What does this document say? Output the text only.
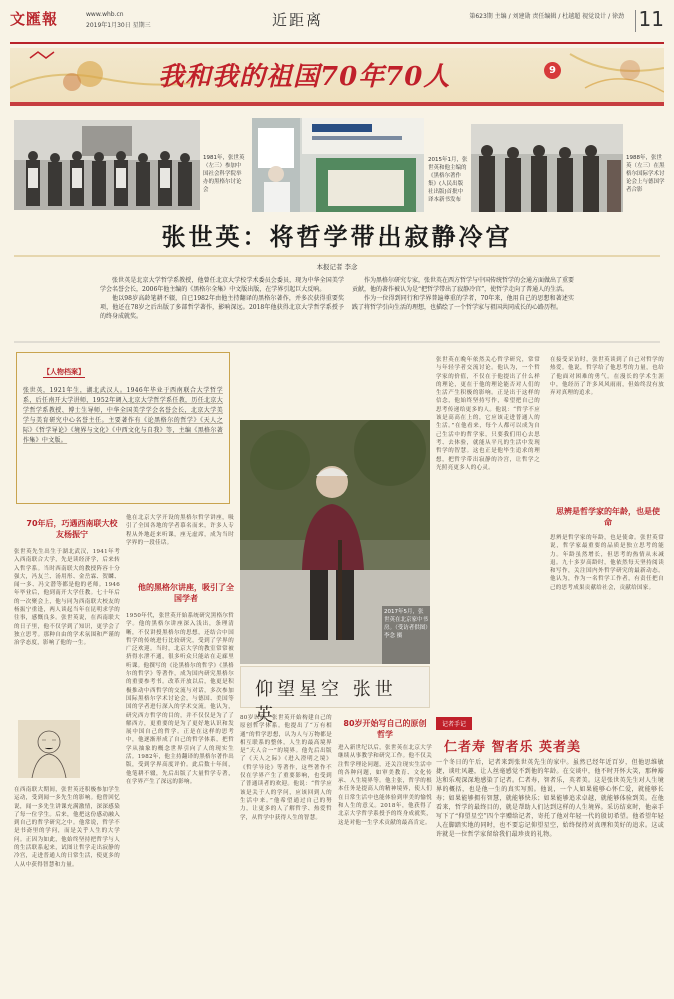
文匯報	www.whb.cn
2019年1月30日 星期三	近距离	第623期 主编 / 刘建勋 责任编辑 / 杜越超 视觉设计 / 徐劲 11
我和我的祖国70年70人	9
1981年，张世英（左三）参加中国社会科学院举办的黑格尔讨论会
2015年1月，张世英和他主编的《黑格尔著作集》(人民出版社出版)首批中译本新书发布
1988年，张世英（左三）在黑格尔国际学术讨论会上与德国学者合影
张世英：将哲学带出寂静冷宫
本报记者 李念

张世英是北京大学哲学系教授，他曾任北京大学校学术委员会委员，现为中华全国美学学会名誉会长，2006年他主编的《黑格尔全集》中文版出版，在学界引起巨大反响。

他以98岁高龄笔耕不辍，自已1982年由他主持翻译的黑格尔著作，并多次获得重要奖项，他还在78岁之后出版了多部哲学著作，影响深远。2018年他获得北京大学哲学系授予的终身成就奖。

作为黑格尔研究专家，张世英在西方哲学与中国传统哲学的会通方面做出了重要贡献，他的著作被认为是“把哲学带出了寂静冷宫”，使哲学走向了普通人的生活。

作为一位得到同行和学界普遍尊重的学者，70年来，他用自己的思想和著述实践了将哲学引向生活的理想，也描绘了一个哲学家与祖国共同成长的心路历程。

【人物档案】
张世英，1921年生，湖北武汉人。1946年毕业于西南联合大学哲学系，后任南开大学讲师，1952年调入北京大学哲学系任教，历任北京大学哲学系教授、博士生导师，中华全国美学学会名誉会长，北京大学美学与美育研究中心名誉主任。主要著作有《论黑格尔的哲学》《天人之际》《哲学导论》《境界与文化》《中西文化与自我》等，主编《黑格尔著作集》中文版。
70年后，巧遇西南联大校友杨振宁
张世英先生出生于湖北武汉，1941年考入西南联合大学，先是读经济学，后来转入哲学系。当时西南联大的教授阵容十分强大，冯友兰、汤用彤、金岳霖、贺麟、闻一多、冯文潜等都是他的老师。1946年毕业后，他到南开大学任教。七十年后的一次聚会上，他与同为西南联大校友的杨振宁重逢，两人谈起当年在昆明求学的往事，感慨良多。张世英说，在西南联大的日子里，他不仅学到了知识，更学会了独立思考。那种自由的学术氛围和严谨的治学态度，影响了他的一生。
在西南联大期间，张世英还积极参加学生运动，受到闻一多先生的影响。他曾回忆说，闻一多先生讲课充满激情，深深感染了每一位学生。后来，他把这份感动融入到自己的哲学研究之中。他常说，哲学不是书斋里的学问，而是关乎人生的大学问。正因为如此，他始终坚持把哲学与人的生活联系起来，试图让哲学走出寂静的冷宫，走进普通人的日常生活，使更多的人从中获得智慧和力量。
他的黑格尔讲座，吸引了全国学者
他在北京大学开设的黑格尔哲学讲座，吸引了全国各地的学者慕名而来，许多人专程从外地赶来听课，座无虚席，成为当时学界的一段佳话。
1950年代，张世英开始系统研究黑格尔哲学。他的黑格尔讲座深入浅出，条理清晰，不仅讲授黑格尔的思想，还结合中国哲学的传统进行比较研究，受到了学界的广泛欢迎。当时，北京大学的教室常常被挤得水泄不通，很多听众只能站在走廊里听课。他撰写的《论黑格尔的哲学》《黑格尔的哲学》等著作，成为国内研究黑格尔的重要参考书。改革开放以后，他更是积极推动中西哲学的交流与对话，多次参加国际黑格尔学术讨论会，与德国、美国等国的学者进行深入的学术交流。他认为，研究西方哲学的目的，并不仅仅是为了了解西方，更重要的是为了更好地认识和发展中国自己的哲学。正是在这样的思考中，他逐渐形成了自己的哲学体系，把哲学从抽象的概念世界引向了人的现实生活。1982年，他主持翻译的黑格尔著作出版，受到学界高度评价。此后数十年间，他笔耕不辍，先后出版了大量哲学专著，在学界产生了深远的影响。
2017年5月，张世英在北京家中书房。（受访者供图）李念 摄
仰望星空 张世英
80岁以后，张世英开始构建自己的原创哲学体系。他提出了“万有相通”的哲学思想，认为人与万物都是相互联系的整体，人生的最高境界是“天人合一”的境界。他先后出版了《天人之际》《进入澄明之境》《哲学导论》等著作，这些著作不仅在学界产生了重要影响，也受到了普通读者的欢迎。他说：“哲学应该是关于人的学问，应该回到人的生活中来。”他希望通过自己的努力，让更多的人了解哲学、热爱哲学，从哲学中获得人生的智慧。
80岁开始写自己的原创哲学
进入新世纪以后，张世英在北京大学继续从事教学和研究工作。他不仅关注哲学理论问题，还关注现实生活中的各种问题，如审美教育、文化传承、人生境界等。他主张，哲学的根本任务是提高人的精神境界，使人们在日常生活中也能体验到审美的愉悦和人生的意义。2018年，他获得了北京大学哲学系授予的终身成就奖，这是对他一生学术贡献的最高肯定。
张世英在晚年依然关心哲学研究，常常与年轻学者交流讨论。他认为，一个哲学家的价值，不仅在于他提出了什么样的理论，更在于他的理论能否对人们的生活产生积极的影响。正是出于这样的信念，他始终坚持写作，希望把自己的思考传递给更多的人。他说：“哲学不应该是高高在上的，它应该走进普通人的生活。”在他看来，每个人都可以成为自己生活中的哲学家，只要我们用心去思考、去体验，就能从平凡的生活中发现哲学的智慧。这也正是他毕生追求的理想，把哲学带出寂静的冷宫，让哲学之光照亮更多人的心灵。
在接受采访时，张世英谈到了自己对哲学的热爱。他说，哲学给了他思考的力量，也给了他面对困难的勇气。在漫长的学术生涯中，他经历了许多风风雨雨，但始终没有放弃对真理的追求。
思辨是哲学家的年龄，也是使命
思辨是哲学家的年龄，也是使命。张世英常说，哲学家最重要的品质是独立思考的能力。年龄虽然增长，但思考的热情从未减退。九十多岁高龄时，他依然每天坚持阅读和写作，关注国内外哲学研究的最新动态。他认为，作为一名哲学工作者，有责任把自己的思考成果贡献给社会，贡献给国家。
记者手记
仁者寿 智者乐 英者美
一个冬日的午后，记者来到张世英先生的家中。虽然已经年近百岁，但他思维敏捷，谈吐风趣，让人丝毫感觉不到他的年龄。在交谈中，他不时开怀大笑，那种豁达和乐观深深地感染了记者。仁者寿，智者乐，英者美。这是张世英先生对人生境界的概括，也是他一生的真实写照。他说，一个人如果能够心怀仁爱，就能够长寿；如果能够拥有智慧，就能够快乐；如果能够追求卓越，就能够体验到美。在他看来，哲学的最终目的，就是帮助人们达到这样的人生境界。采访结束时，他亲手写下了“仰望星空”四个字赠给记者，寄托了他对年轻一代的殷切希望。他希望年轻人在脚踏实地的同时，也不要忘记仰望星空，始终保持对真理和美好的追求。这或许就是一位哲学家留给我们最珍贵的礼物。
